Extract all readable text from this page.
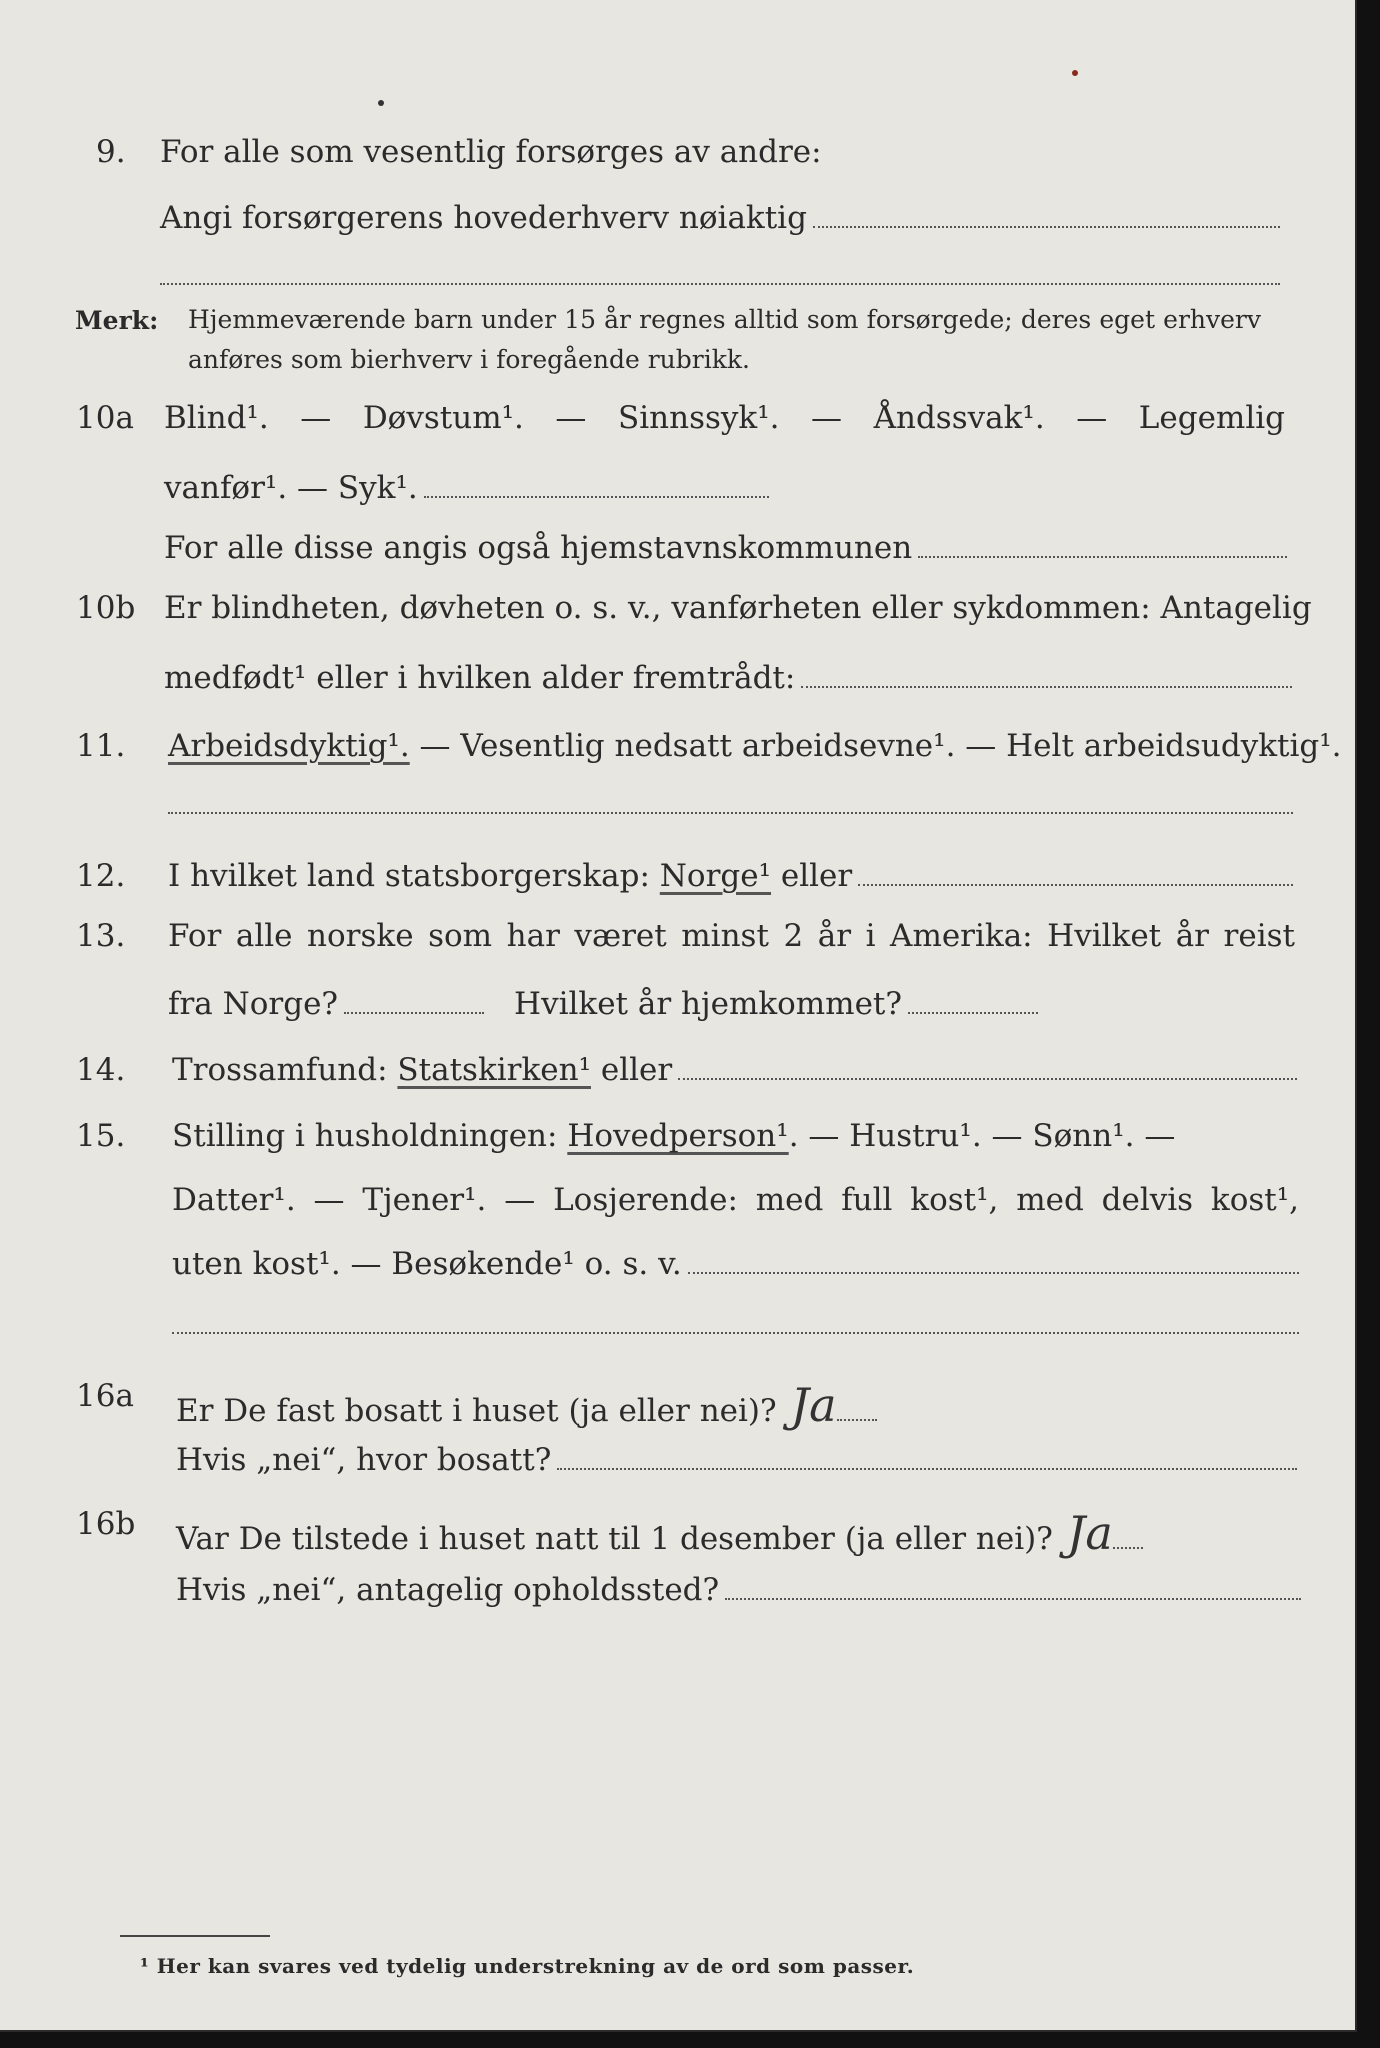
9.	For alle som vesentlig forsørges av andre:
Angi forsørgerens hovederhverv nøiaktig
Merk: Hjemmeværende barn under 15 år regnes alltid som forsørgede; deres eget erhverv
anføres som bierhverv i foregående rubrikk.
10a Blind¹. — Døvstum¹. — Sinnssyk¹. — Åndssvak¹. — Legemlig
vanfør¹. — Syk¹.
For alle disse angis også hjemstavnskommunen
10b Er blindheten, døvheten o. s. v., vanførheten eller sykdommen: Antagelig
medfødt¹ eller i hvilken alder fremtrådt:
11.	Arbeidsdyktig¹. — Vesentlig nedsatt arbeidsevne¹. — Helt arbeidsudyktig¹.
12.	I hvilket land statsborgerskap: Norge¹ eller
13.	For alle norske som har været minst 2 år i Amerika: Hvilket år reist
fra Norge?	Hvilket år hjemkommet?
14.	Trossamfund: Statskirken¹ eller
15.	Stilling i husholdningen: Hovedperson¹ . — Hustru¹. — Sønn¹. —
Datter¹. — Tjener¹. — Losjerende: med full kost¹, med delvis kost¹,
uten kost¹. — Besøkende¹ o. s. v.
16a	Er De fast bosatt i huset (ja eller nei)? Ja
Hvis „nei“, hvor bosatt?
16b	Var De tilstede i huset natt til 1 desember (ja eller nei)? Ja
Hvis „nei“, antagelig opholdssted?
¹ Her kan svares ved tydelig understrekning av de ord som passer.
